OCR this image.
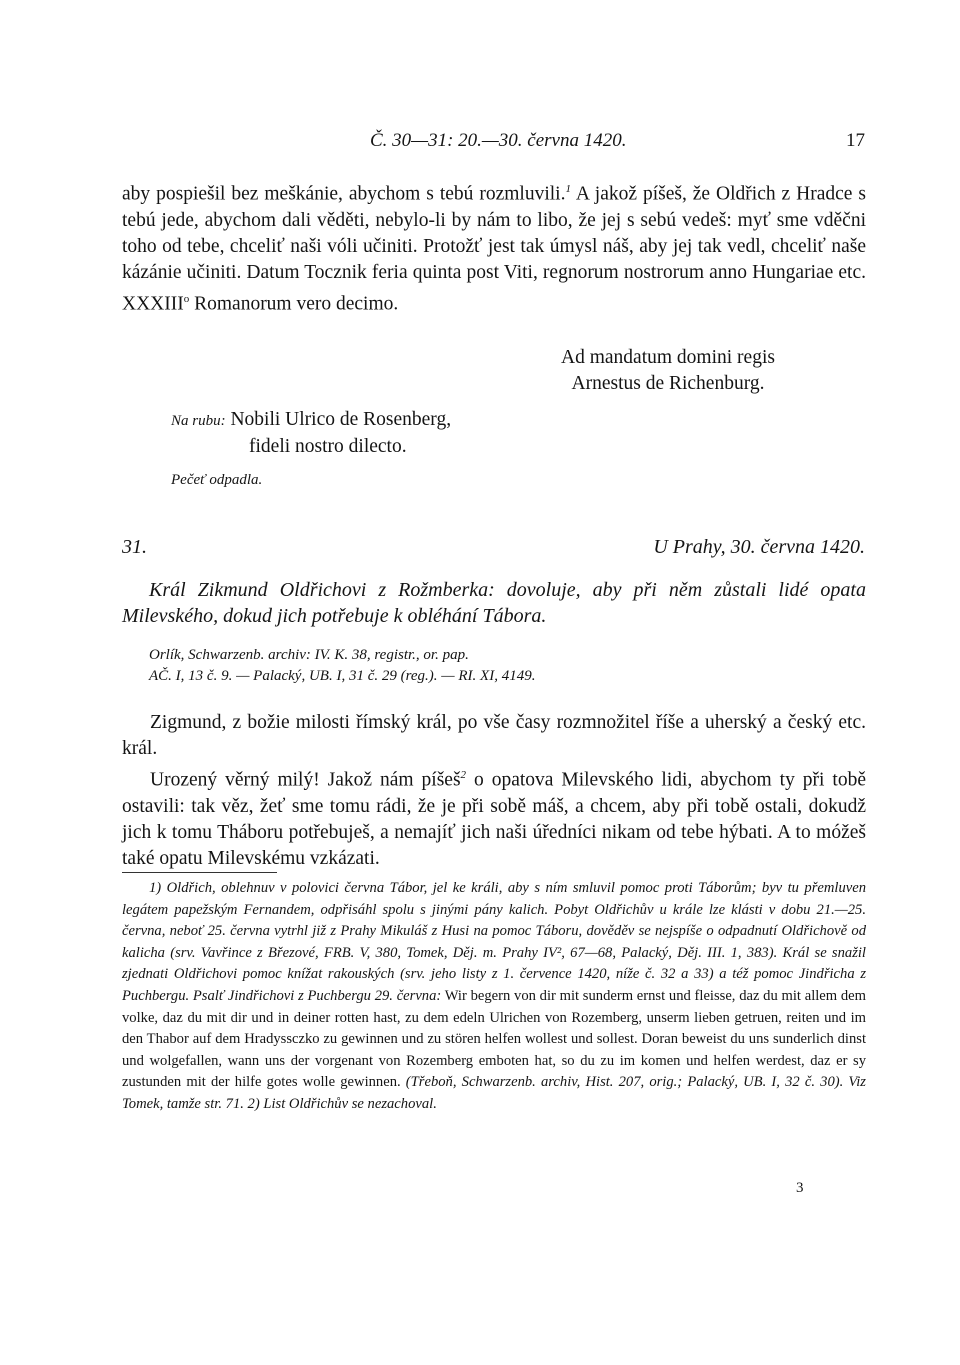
Č. 30—31: 20.—30. června 1420.	17

aby pospiešil bez meškánie, abychom s tebú rozmluvili.$^1$ A jakož píšeš, že Oldřich z Hradce s tebú jede, abychom dali věděti, nebylo-li by nám to libo, že jej s sebú vedeš: myť sme vděčni toho od tebe, chceliť naši vóli učiniti. Protožť jest tak úmysl náš, aby jej tak vedl, chceliť naše kázánie učiniti. Datum Tocznik feria quinta post Viti, regnorum nostrorum anno Hungariae etc. XXXIII$^o$ Romanorum vero decimo.

Ad mandatum domini regis
Arnestus de Richenburg.
Na rubu: Nobili Ulrico de Rosenberg,
fideli nostro dilecto.
Pečeť odpadla.
31.	U Prahy, 30. června 1420.
Král Zikmund Oldřichovi z Rožmberka: dovoluje, aby při něm zůstali lidé opata Milevského, dokud jich potřebuje k obléhání Tábora.
Orlík, Schwarzenb. archiv: IV. K. 38, registr., or. pap.
AČ. I, 13 č. 9. — Palacký, UB. I, 31 č. 29 (reg.). — RI. XI, 4149.

Zigmund, z božie milosti římský král, po vše časy rozmnožitel říše a uherský a český etc. král.

Urozený věrný milý! Jakož nám píšeš$^2$ o opatova Milevského lidi, abychom ty při tobě ostavili: tak věz, žeť sme tomu rádi, že je při sobě máš, a chcem, aby při tobě ostali, dokudž jich k tomu Tháboru potřebuješ, a nemajíť jich naši úředníci nikam od tebe hýbati. A to móžeš také opatu Milevskému vzkázati.

1) Oldřich, oblehnuv v polovici června Tábor, jel ke králi, aby s ním smluvil pomoc proti Táborům; byv tu přemluven legátem papežským Fernandem, odpřisáhl spolu s jinými pány kalich. Pobyt Oldřichův u krále lze klásti v dobu 21.—25. června, neboť 25. června vytrhl již z Prahy Mikuláš z Husi na pomoc Táboru, dověděv se nejspíše o odpadnutí Oldřichově od kalicha (srv. Vavřince z Březové, FRB. V, 380, Tomek, Děj. m. Prahy IV², 67—68, Palacký, Děj. III. 1, 383). Král se snažil zjednati Oldřichovi pomoc knížat rakouských (srv. jeho listy z 1. července 1420, níže č. 32 a 33) a též pomoc Jindřicha z Puchbergu. Psalť Jindřichovi z Puchbergu 29. června: Wir begern von dir mit sunderm ernst und fleisse, daz du mit allem dem volke, daz du mit dir und in deiner rotten hast, zu dem edeln Ulrichen von Rozemberg, unserm lieben getruen, reiten und im den Thabor auf dem Hradyssczko zu gewinnen und zu stören helfen wollest und sollest. Doran beweist du uns sunderlich dinst und wolgefallen, wann uns der vorgenant von Rozemberg emboten hat, so du zu im komen und helfen werdest, daz er sy zustunden mit der hilfe gotes wolle gewinnen. (Třeboň, Schwarzenb. archiv, Hist. 207, orig.; Palacký, UB. I, 32 č. 30). Viz Tomek, tamže str. 71. 2) List Oldřichův se nezachoval.

3
